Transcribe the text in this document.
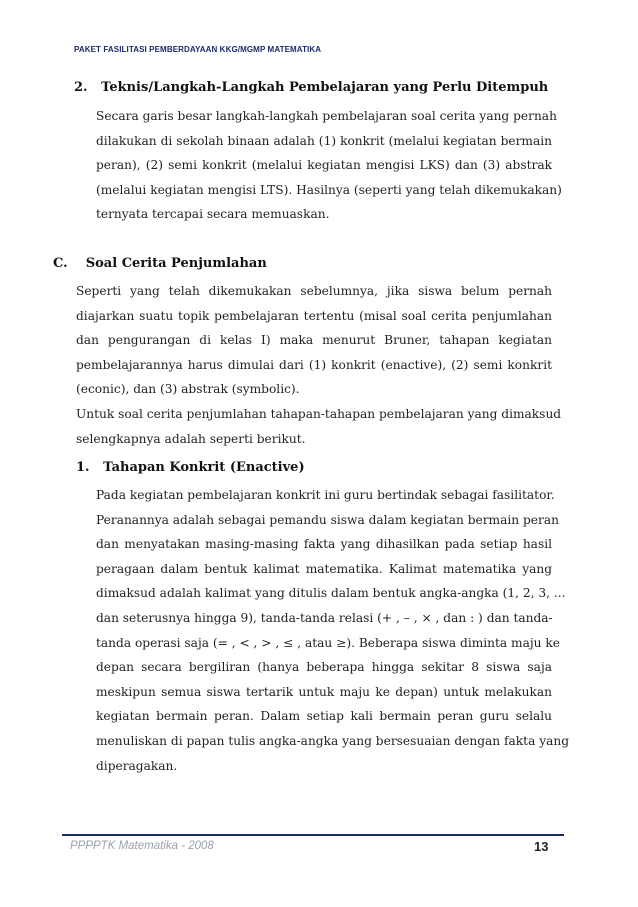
PAKET FASILITASI PEMBERDAYAAN KKG/MGMP MATEMATIKA
2.   Teknis/Langkah-Langkah Pembelajaran yang Perlu Ditempuh
Secara garis besar langkah-langkah pembelajaran soal cerita yang pernah
dilakukan di sekolah binaan adalah (1) konkrit (melalui kegiatan bermain
peran), (2) semi konkrit (melalui kegiatan mengisi LKS) dan (3) abstrak
(melalui kegiatan mengisi LTS). Hasilnya (seperti yang telah dikemukakan)
ternyata tercapai secara memuaskan.
C.    Soal Cerita Penjumlahan
Seperti yang telah dikemukakan sebelumnya, jika siswa belum pernah
diajarkan suatu topik pembelajaran tertentu (misal soal cerita penjumlahan
dan pengurangan di kelas I) maka menurut Bruner, tahapan kegiatan
pembelajarannya harus dimulai dari (1) konkrit (enactive), (2) semi konkrit
(econic), dan (3) abstrak (symbolic).
Untuk soal cerita penjumlahan tahapan-tahapan pembelajaran yang dimaksud
selengkapnya adalah seperti berikut.
1.   Tahapan Konkrit (Enactive)
Pada kegiatan pembelajaran konkrit ini guru bertindak sebagai fasilitator.
Peranannya adalah sebagai pemandu siswa dalam kegiatan bermain peran
dan menyatakan masing-masing fakta yang dihasilkan pada setiap hasil
peragaan dalam bentuk kalimat matematika. Kalimat matematika yang
dimaksud adalah kalimat yang ditulis dalam bentuk angka-angka (1, 2, 3, ...
dan seterusnya hingga 9), tanda-tanda relasi (+ , – , × , dan : ) dan tanda-
tanda operasi saja (= , < , > , ≤ , atau ≥). Beberapa siswa diminta maju ke
depan secara bergiliran (hanya beberapa hingga sekitar 8 siswa saja
meskipun semua siswa tertarik untuk maju ke depan) untuk melakukan
kegiatan bermain peran. Dalam setiap kali bermain peran guru selalu
menuliskan di papan tulis angka-angka yang bersesuaian dengan fakta yang
diperagakan.
PPPPTK Matematika - 2008	13
